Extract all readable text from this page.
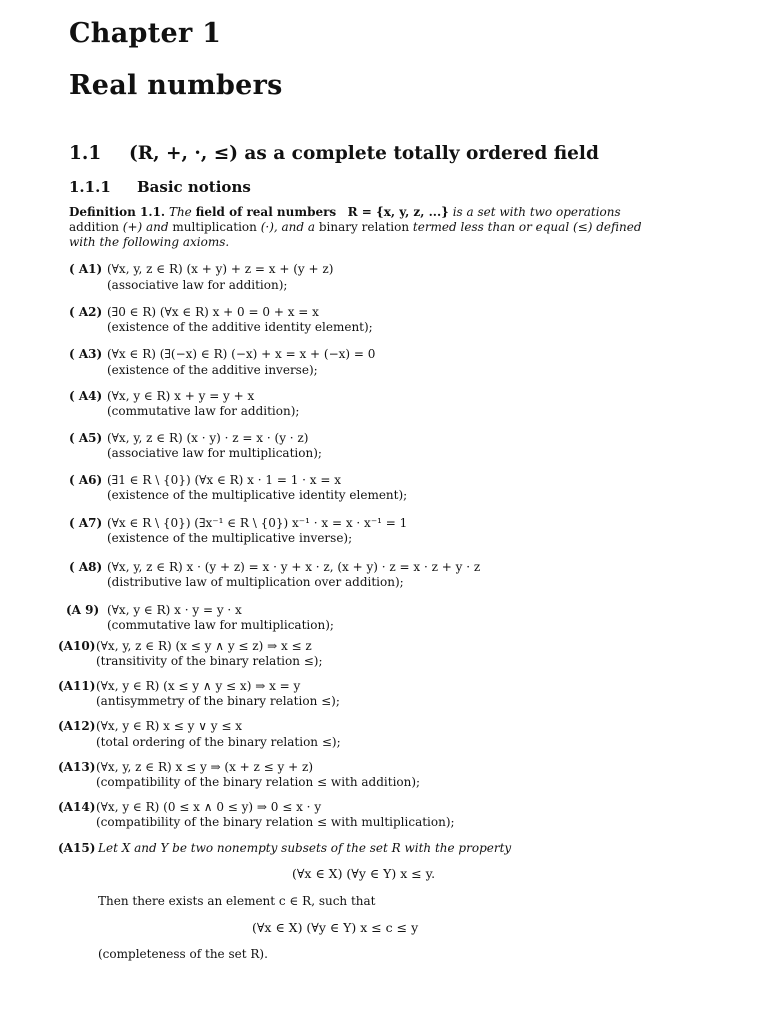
Chapter 1
Real numbers
1.1 (R, +, ·, ≤) as a complete totally ordered field
1.1.1 Basic notions
Definition 1.1. The field of real numbers R = {x, y, z, ...} is a set with two operations addition (+) and multiplication (·), and a binary relation termed less than or equal (≤) defined with the following axioms.
( A1) (∀x, y, z ∈ R) (x + y) + z = x + (y + z)
(associative law for addition);
( A2) (∃0 ∈ R) (∀x ∈ R) x + 0 = 0 + x = x
(existence of the additive identity element);
( A3) (∀x ∈ R) (∃(−x) ∈ R) (−x) + x = x + (−x) = 0
(existence of the additive inverse);
( A4) (∀x, y ∈ R) x + y = y + x
(commutative law for addition);
( A5) (∀x, y, z ∈ R) (x · y) · z = x · (y · z)
(associative law for multiplication);
( A6) (∃1 ∈ R \ {0}) (∀x ∈ R) x · 1 = 1 · x = x
(existence of the multiplicative identity element);
( A7) (∀x ∈ R \ {0}) (∃x⁻¹ ∈ R \ {0}) x⁻¹ · x = x · x⁻¹ = 1
(existence of the multiplicative inverse);
( A8) (∀x, y, z ∈ R) x · (y + z) = x · y + x · z, (x + y) · z = x · z + y · z
(distributive law of multiplication over addition);
(A 9) (∀x, y ∈ R) x · y = y · x
(commutative law for multiplication);
(A10)(∀x, y, z ∈ R) (x ≤ y ∧ y ≤ z) ⇒ x ≤ z
(transitivity of the binary relation ≤);
(A11)(∀x, y ∈ R) (x ≤ y ∧ y ≤ x) ⇒ x = y
(antisymmetry of the binary relation ≤);
(A12)(∀x, y ∈ R) x ≤ y ∨ y ≤ x
(total ordering of the binary relation ≤);
(A13)(∀x, y, z ∈ R) x ≤ y ⇒ (x + z ≤ y + z)
(compatibility of the binary relation ≤ with addition);
(A14)(∀x, y ∈ R) (0 ≤ x ∧ 0 ≤ y) ⇒ 0 ≤ x · y
(compatibility of the binary relation ≤ with multiplication);
(A15) Let X and Y be two nonempty subsets of the set R with the property
(∀x ∈ X) (∀y ∈ Y) x ≤ y.
Then there exists an element c ∈ R, such that
(∀x ∈ X) (∀y ∈ Y) x ≤ c ≤ y
(completeness of the set R).
